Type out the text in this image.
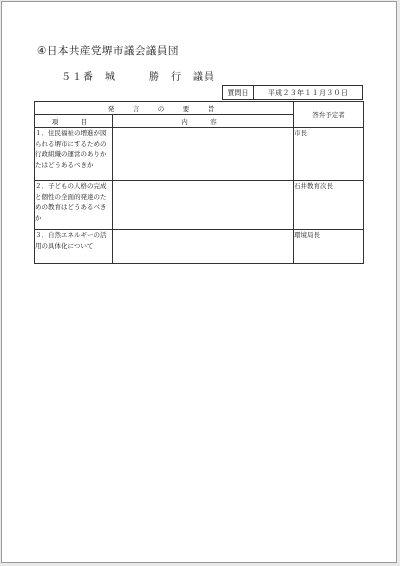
④日本共産党堺市議会議員団
５１番　城　　　勝　行　議員
質問日	平成２３年１１月３０日
発　言　の　要　旨		答弁予定者
項　目	内　容	
１．住民福祉の増進が図られる堺市にするための行政組織の運営のありかたはどうあるべきか		市長
２．子どもの人格の完成と個性の全面的発達のための教育はどうあるべきか		石井教育次長
３．自然エネルギーの活用の具体化について		環境局長
